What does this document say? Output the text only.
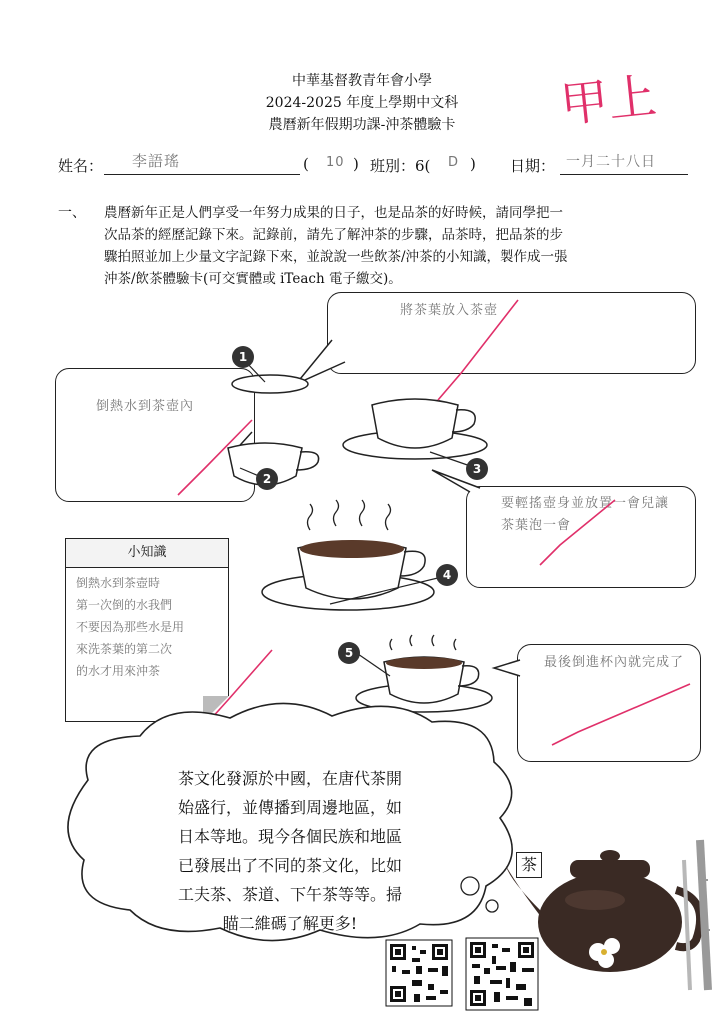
中華基督教青年會小學
2024-2025 年度上學期中文科
農曆新年假期功課-沖茶體驗卡	甲上
姓名： 李語瑤	( 10 ) 班別：6( D ) 日期： 一月二十八日
一、 農曆新年正是人們享受一年努力成果的日子，也是品茶的好時候，請同學把一
次品茶的經歷記錄下來。記錄前，請先了解沖茶的步驟，品茶時，把品茶的步
驟拍照並加上少量文字記錄下來，並說說一些飲茶/沖茶的小知識，製作成一張
沖茶/飲茶體驗卡(可交實體或 iTeach 電子繳交)。
將茶葉放入茶壺
倒熱水到茶壺內
要輕搖壺身並放置一會兒讓茶葉泡一會
最後倒進杯內就完成了
小知識
倒熱水到茶壺時
第一次倒的水我們
不要因為那些水是用
來洗茶葉的第二次
的水才用來沖茶
1
2
3
4
5
茶文化發源於中國，在唐代茶開
始盛行，並傳播到周邊地區，如
日本等地。現今各個民族和地區
已發展出了不同的茶文化，比如
工夫茶、茶道、下午茶等等。掃
瞄二維碼了解更多!
茶
